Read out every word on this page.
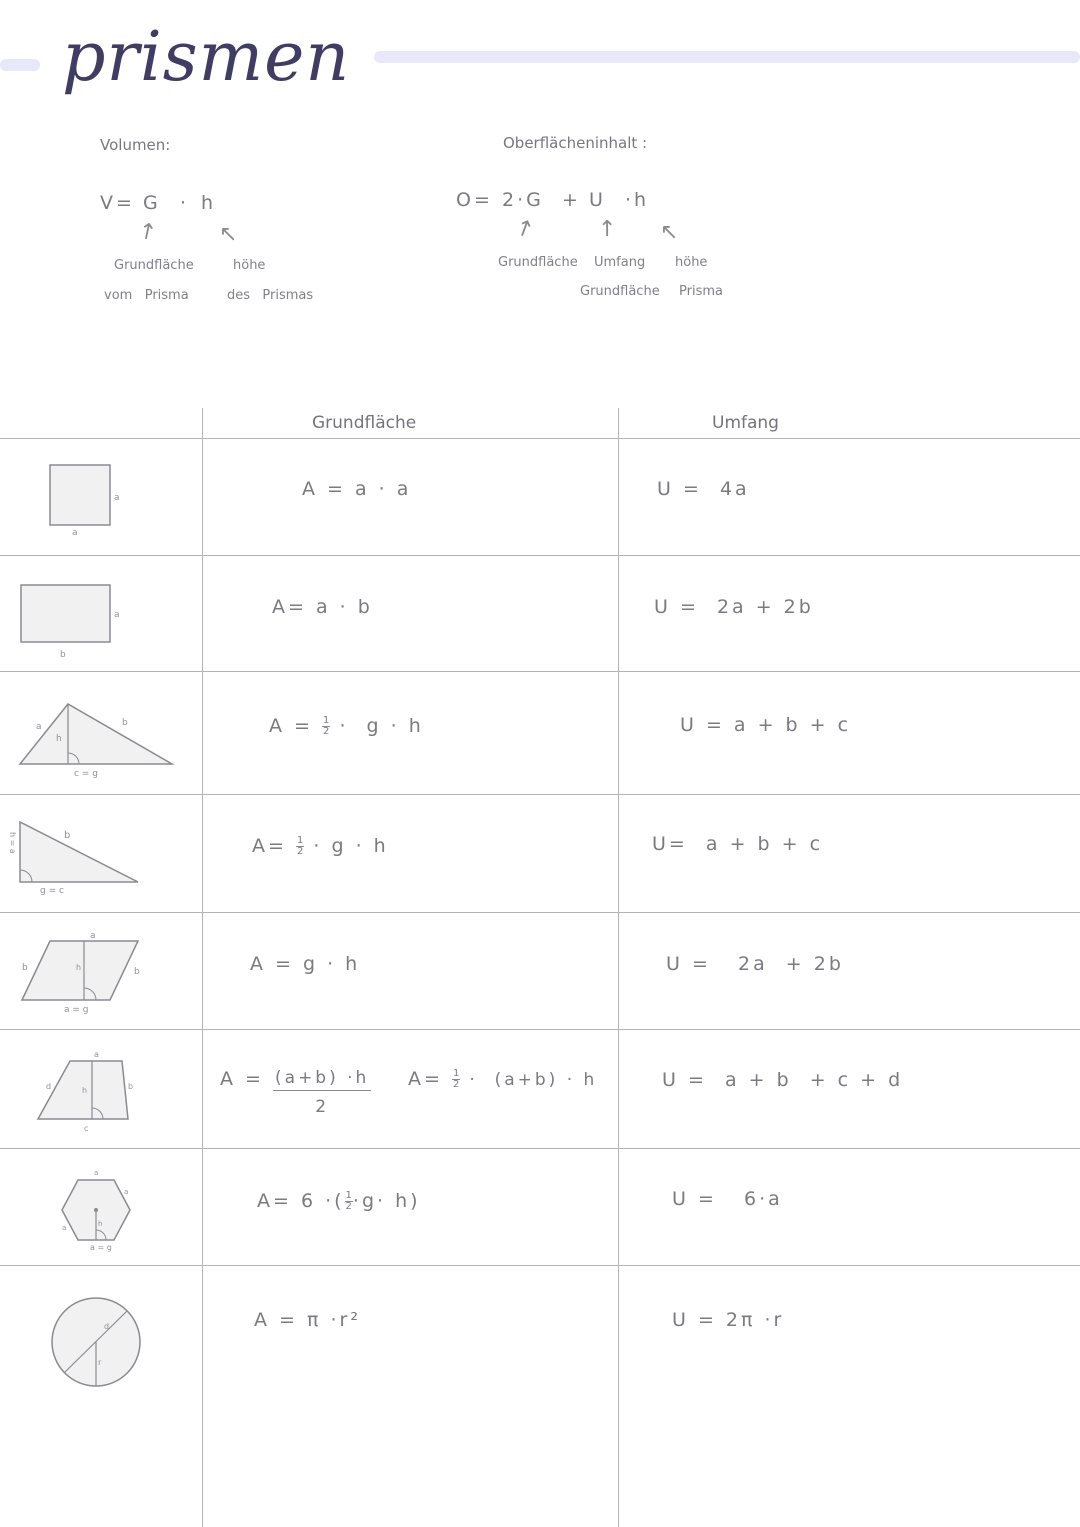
prismen
Volumen:
V= G · h
↑	↖
Grundfläche
vom   Prisma
höhe
des   Prismas
Oberflächeninhalt :
O= 2·G + U ·h
↑	↑ ↖
Grundfläche Umfang
Grundfläche
höhe
Prisma
Grundfläche	Umfang
a
a
A = a · a	U =  4a
a
b
A= a · b	U =  2a + 2b
a
h
b
c = g
$A = \frac{1}{2} \cdot g \cdot h$	U = a + b + c
h = a	b
g = c
$A= \frac{1}{2} \cdot g \cdot h$	U=  a + b + c
a
b	h	b
a = g
A = g · h	U =   2a  + 2b
a
d	h	b
c
$A = \frac{(a+b) \cdot h}{2} A= \frac{1}{2} \cdot (a+b) \cdot h$	U =  a + b  + c + d
a
a
a	h
a = g
A= 6 ·( $\frac{1}{2} \cdot g\cdot h$)	U =   6·a
d
r
A = π ·r²	U = 2π ·r
